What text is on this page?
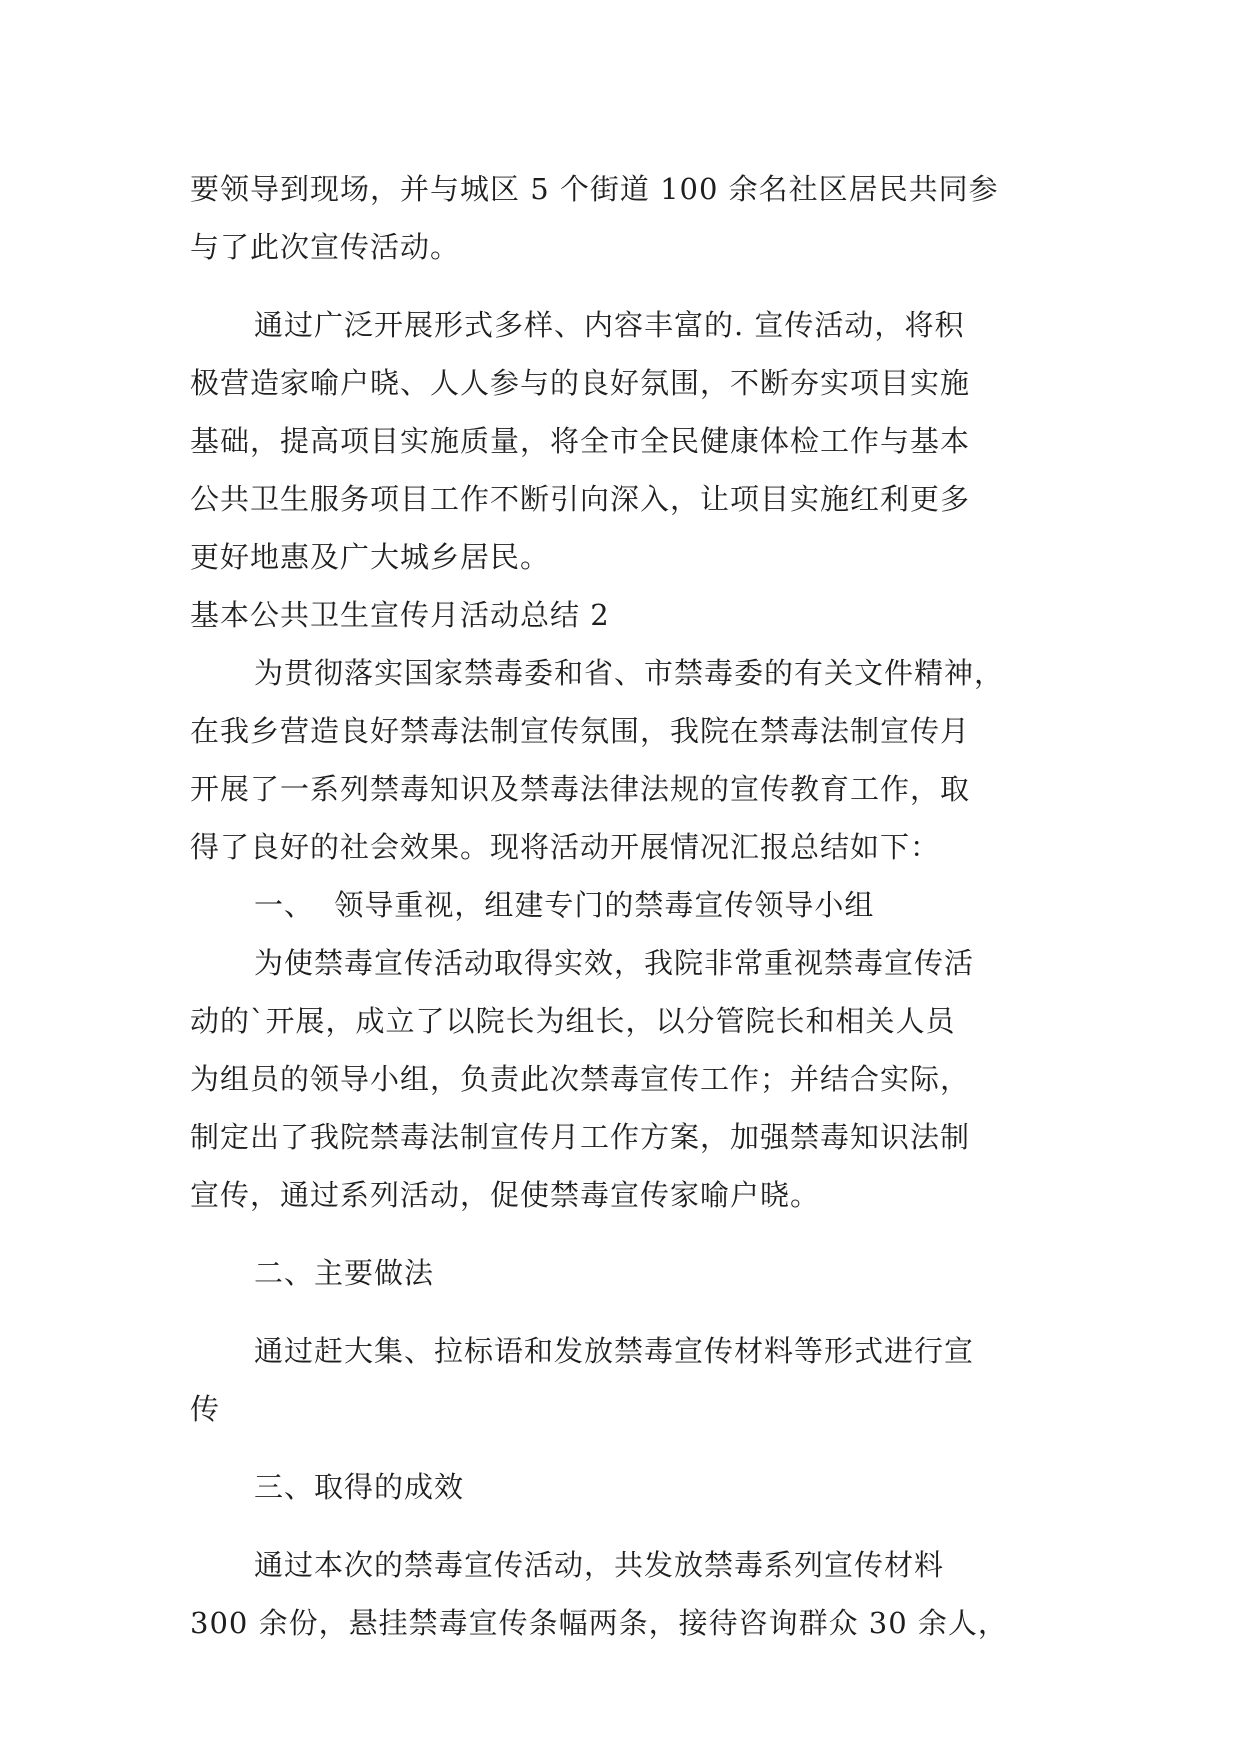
要领导到现场，并与城区 5 个街道 100 余名社区居民共同参
与了此次宣传活动。
通过广泛开展形式多样、内容丰富的. 宣传活动，将积
极营造家喻户晓、人人参与的良好氛围，不断夯实项目实施
基础，提高项目实施质量，将全市全民健康体检工作与基本
公共卫生服务项目工作不断引向深入，让项目实施红利更多
更好地惠及广大城乡居民。
基本公共卫生宣传月活动总结 2
为贯彻落实国家禁毒委和省、市禁毒委的有关文件精神，
在我乡营造良好禁毒法制宣传氛围，我院在禁毒法制宣传月
开展了一系列禁毒知识及禁毒法律法规的宣传教育工作，取
得了良好的社会效果。现将活动开展情况汇报总结如下：
一、  领导重视，组建专门的禁毒宣传领导小组
为使禁毒宣传活动取得实效，我院非常重视禁毒宣传活
动的`开展，成立了以院长为组长，以分管院长和相关人员
为组员的领导小组，负责此次禁毒宣传工作；并结合实际，
制定出了我院禁毒法制宣传月工作方案，加强禁毒知识法制
宣传，通过系列活动，促使禁毒宣传家喻户晓。
二、主要做法
通过赶大集、拉标语和发放禁毒宣传材料等形式进行宣
传
三、取得的成效
通过本次的禁毒宣传活动，共发放禁毒系列宣传材料
300 余份，悬挂禁毒宣传条幅两条，接待咨询群众 30 余人，
